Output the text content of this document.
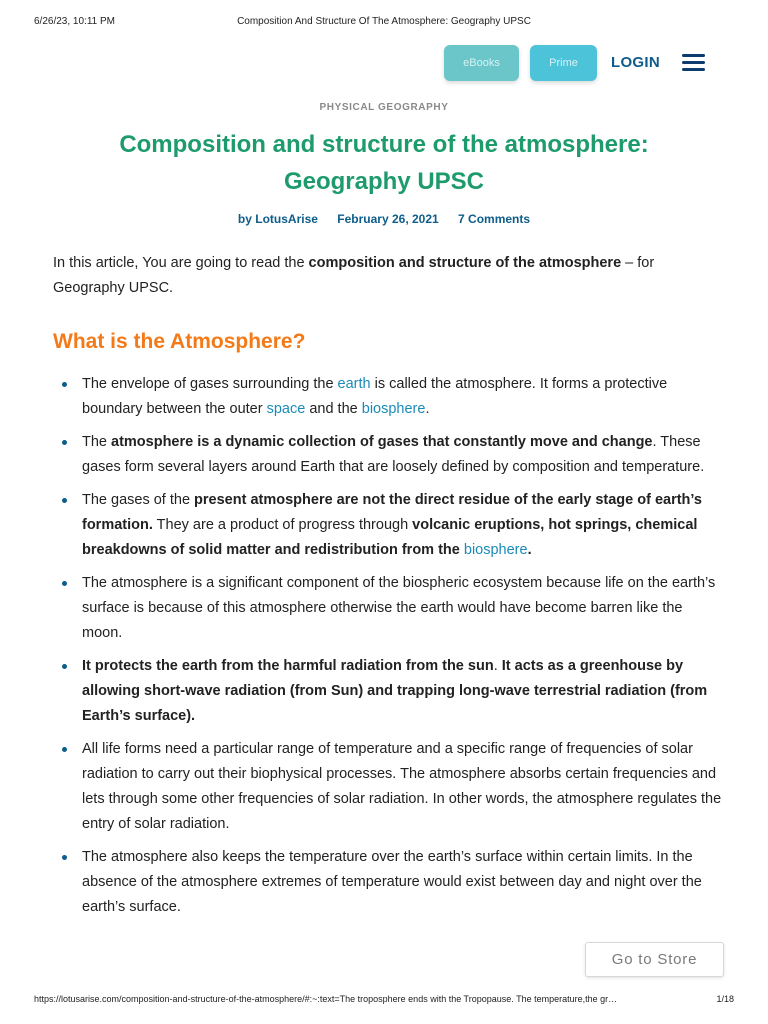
6/26/23, 10:11 PM	Composition And Structure Of The Atmosphere: Geography UPSC
eBooks	Prime	LOGIN
PHYSICAL GEOGRAPHY
Composition and structure of the atmosphere: Geography UPSC
by LotusArise February 26, 2021 7 Comments

In this article, You are going to read the composition and structure of the atmosphere – for Geography UPSC.

What is the Atmosphere?
The envelope of gases surrounding the earth is called the atmosphere. It forms a protective boundary between the outer space and the biosphere.
The atmosphere is a dynamic collection of gases that constantly move and change. These gases form several layers around Earth that are loosely defined by composition and temperature.
The gases of the present atmosphere are not the direct residue of the early stage of earth’s formation. They are a product of progress through volcanic eruptions, hot springs, chemical breakdowns of solid matter and redistribution from the biosphere.
The atmosphere is a significant component of the biospheric ecosystem because life on the earth’s surface is because of this atmosphere otherwise the earth would have become barren like the moon.
It protects the earth from the harmful radiation from the sun. It acts as a greenhouse by allowing short-wave radiation (from Sun) and trapping long-wave terrestrial radiation (from Earth’s surface).
All life forms need a particular range of temperature and a specific range of frequencies of solar radiation to carry out their biophysical processes. The atmosphere absorbs certain frequencies and lets through some other frequencies of solar radiation. In other words, the atmosphere regulates the entry of solar radiation.
The atmosphere also keeps the temperature over the earth’s surface within certain limits. In the absence of the atmosphere extremes of temperature would exist between day and night over the earth’s surface.
Go to Store
https://lotusarise.com/composition-and-structure-of-the-atmosphere/#:~:text=The troposphere ends with the Tropopause. The temperature,the gr…	1/18
